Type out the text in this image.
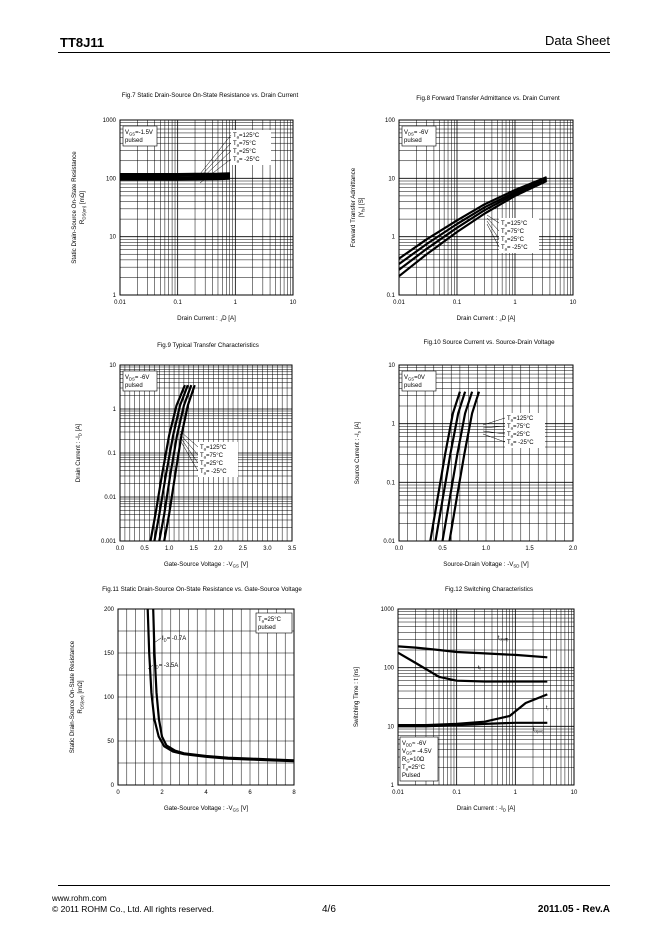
TT8J11	Data Sheet
Fig.7 Static Drain-Source On-State Resistance vs. Drain Current
0.01	0.1	1	10
1
10
100
1000
Drain Current : $_{-I}$D [A]
Static Drain-Source On-State Resistance $R_{DS(on)}$ [mΩ]
$V_{GS}=-1.5V$
pulsed
$T_a=125^\circ C$
$T_a=75^\circ C$
$T_a=25^\circ C$
$T_a= -25^\circ C$
Fig.8 Forward Transfer Admittance vs. Drain Current
0.01	0.1	1	10
0.1
1
10
100
Drain Current : $_{-I}$D [A]
Forward Transfer Admittance $|Y_{fs}|$ [S]
$V_{DS}= -6V$
pulsed
$T_a=125^\circ C$
$T_a=75^\circ C$
$T_a=25^\circ C$
$T_a= -25^\circ C$
Fig.9 Typical Transfer Characteristics
0.0	0.5	1.0	1.5	2.0	2.5	3.0	3.5
0.001
0.01
0.1
1
10
Gate-Source Voltage : $-V_{GS}$ [V]
Drain Current : $-I_D$ [A]
$V_{DS}= -6V$
pulsed
$T_a=125^\circ C$
$T_a=75^\circ C$
$T_a=25^\circ C$
$T_a= -25^\circ C$
Fig.10 Source Current vs. Source-Drain Voltage
0.0	0.5	1.0	1.5	2.0
0.01
0.1
1
10
Source-Drain Voltage : $-V_{SD}$ [V]
Source Current : $-I_s$ [A]
$V_{GS}=0V$
pulsed
$T_a=125^\circ C$
$T_a=75^\circ C$
$T_a=25^\circ C$
$T_a= -25^\circ C$
Fig.11 Static Drain-Source On-State Resistance vs. Gate-Source Voltage
0	2	4	6	8
0
50
100
150
200
Gate-Source Voltage : $-V_{GS}$ [V]
Static Drain-Source On-State Resistance $R_{DS(on)}$ [mΩ]
$T_a=25^\circ C$
pulsed
$I_D= -0.7A$
$I_D= -3.5A$
Fig.12 Switching Characteristics
0.01	0.1	1	10
1
10
100
1000
Drain Current : $-I_D$ [A]
Switching Time : t [ns]
$V_{DD}\approx -6V$
$V_{GS}= -4.5V$
$R_G=10\Omega$
$T_a=25^\circ C$
Pulsed
$t_{d(off)}$
$t_f$
$t_r$
$t_{d(on)}$
www.rohm.com
© 2011 ROHM Co., Ltd. All rights reserved.	4/6	2011.05 - Rev.A
